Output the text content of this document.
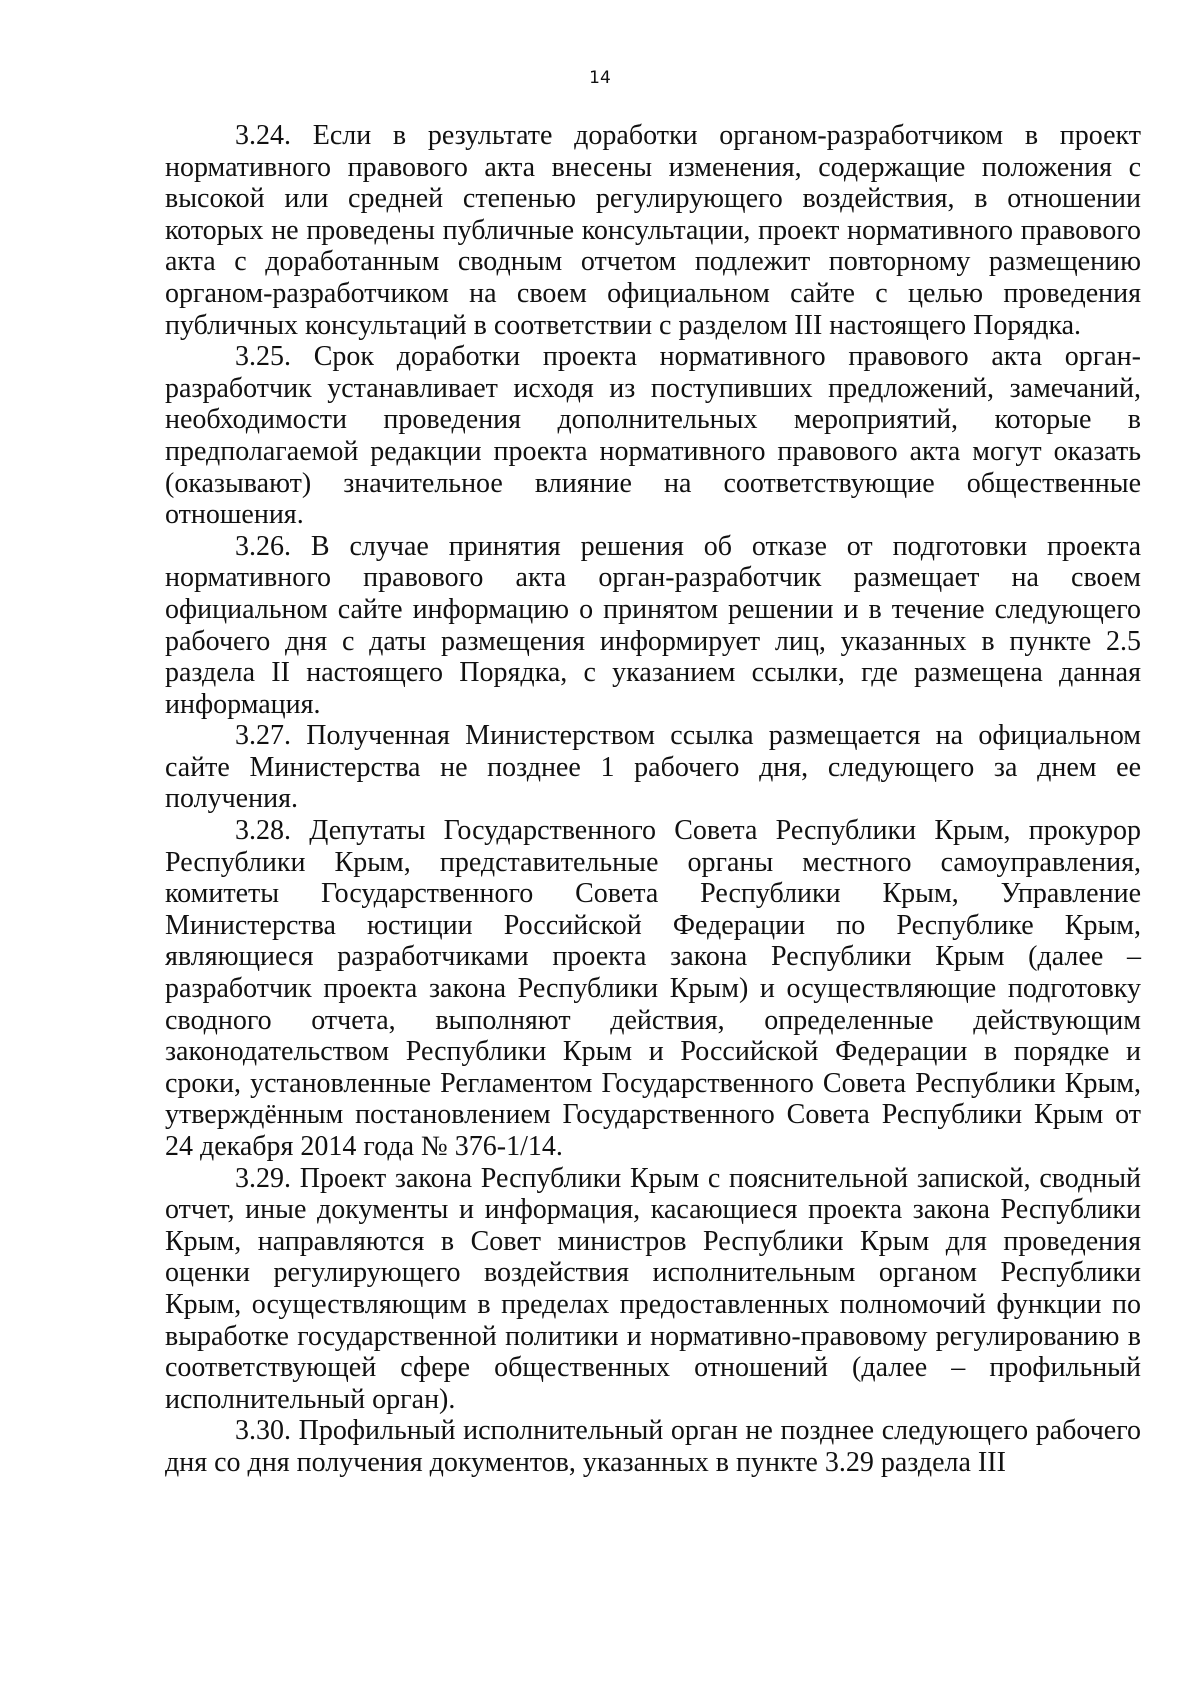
14

3.24. Если в результате доработки органом-разработчиком в проект нормативного правового акта внесены изменения, содержащие положения с высокой или средней степенью регулирующего воздействия, в отношении которых не проведены публичные консультации, проект нормативного правового акта с доработанным сводным отчетом подлежит повторному размещению органом-разработчиком на своем официальном сайте с целью проведения публичных консультаций в соответствии с разделом III настоящего Порядка.

3.25. Срок доработки проекта нормативного правового акта орган-разработчик устанавливает исходя из поступивших предложений, замечаний, необходимости проведения дополнительных мероприятий, которые в предполагаемой редакции проекта нормативного правового акта могут оказать (оказывают) значительное влияние на соответствующие общественные отношения.

3.26. В случае принятия решения об отказе от подготовки проекта нормативного правового акта орган-разработчик размещает на своем официальном сайте информацию о принятом решении и в течение следующего рабочего дня с даты размещения информирует лиц, указанных в пункте 2.5 раздела II настоящего Порядка, с указанием ссылки, где размещена данная информация.

3.27. Полученная Министерством ссылка размещается на официальном сайте Министерства не позднее 1 рабочего дня, следующего за днем ее получения.

3.28. Депутаты Государственного Совета Республики Крым, прокурор Республики Крым, представительные органы местного самоуправления, комитеты Государственного Совета Республики Крым, Управление Министерства юстиции Российской Федерации по Республике Крым, являющиеся разработчиками проекта закона Республики Крым (далее – разработчик проекта закона Республики Крым) и осуществляющие подготовку сводного отчета, выполняют действия, определенные действующим законодательством Республики Крым и Российской Федерации в порядке и сроки, установленные Регламентом Государственного Совета Республики Крым, утверждённым постановлением Государственного Совета Республики Крым от 24 декабря 2014 года № 376-1/14.

3.29. Проект закона Республики Крым с пояснительной запиской, сводный отчет, иные документы и информация, касающиеся проекта закона Республики Крым, направляются в Совет министров Республики Крым для проведения оценки регулирующего воздействия исполнительным органом Республики Крым, осуществляющим в пределах предоставленных полномочий функции по выработке государственной политики и нормативно-правовому регулированию в соответствующей сфере общественных отношений (далее – профильный исполнительный орган).

3.30. Профильный исполнительный орган не позднее следующего рабочего дня со дня получения документов, указанных в пункте 3.29 раздела III
